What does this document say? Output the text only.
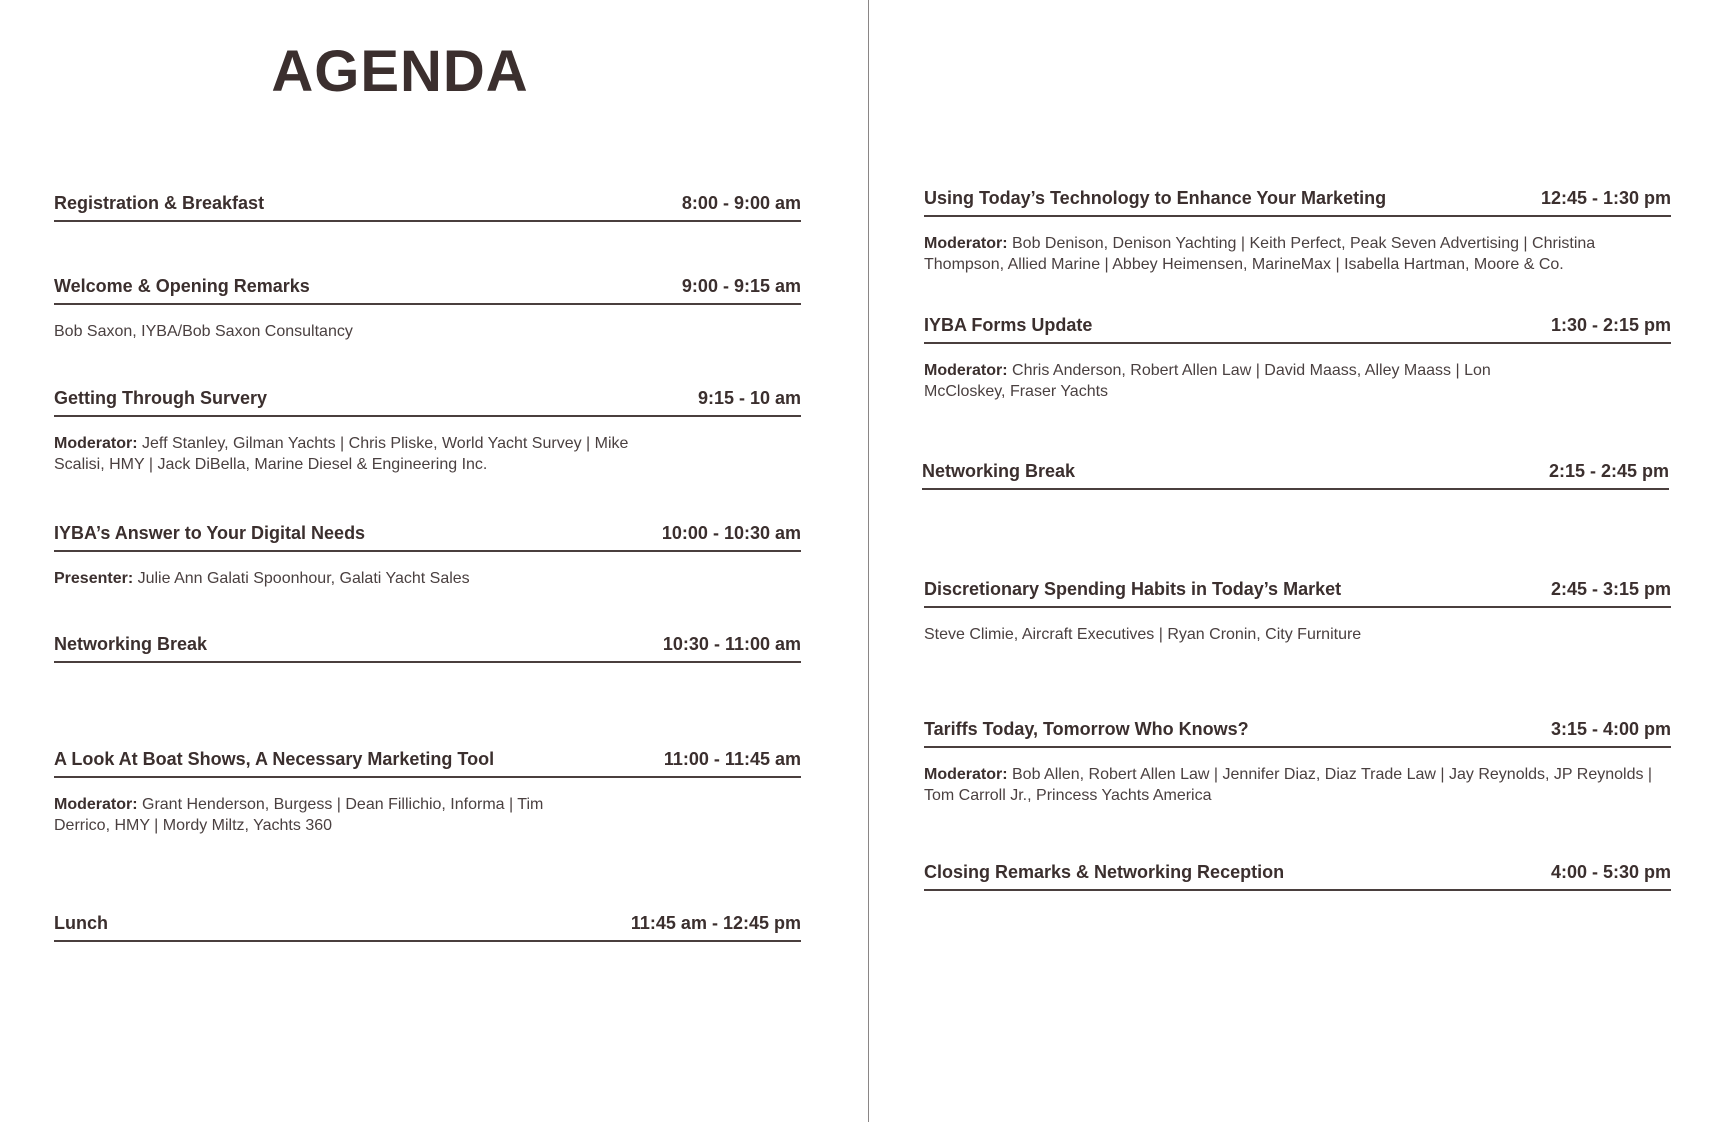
AGENDA
Registration & Breakfast	8:00 - 9:00 am
Welcome & Opening Remarks	9:00 - 9:15 am
Bob Saxon, IYBA/Bob Saxon Consultancy
Getting Through Survery	9:15 - 10 am
Moderator: Jeff Stanley, Gilman Yachts | Chris Pliske, World Yacht Survey | Mike Scalisi, HMY | Jack DiBella, Marine Diesel & Engineering Inc.
IYBA’s Answer to Your Digital Needs	10:00 - 10:30 am
Presenter: Julie Ann Galati Spoonhour, Galati Yacht Sales
Networking Break	10:30 - 11:00 am
A Look At Boat Shows, A Necessary Marketing Tool	11:00 - 11:45 am
Moderator: Grant Henderson, Burgess | Dean Fillichio, Informa | Tim Derrico, HMY | Mordy Miltz, Yachts 360
Lunch	11:45 am - 12:45 pm
Using Today’s Technology to Enhance Your Marketing	12:45 - 1:30 pm
Moderator: Bob Denison, Denison Yachting | Keith Perfect, Peak Seven Advertising | Christina Thompson, Allied Marine | Abbey Heimensen, MarineMax | Isabella Hartman, Moore & Co.
IYBA Forms Update	1:30 - 2:15 pm
Moderator: Chris Anderson, Robert Allen Law | David Maass, Alley Maass | Lon McCloskey, Fraser Yachts
Networking Break	2:15 - 2:45 pm
Discretionary Spending Habits in Today’s Market	2:45 - 3:15 pm
Steve Climie, Aircraft Executives | Ryan Cronin, City Furniture
Tariffs Today, Tomorrow Who Knows?	3:15 - 4:00 pm
Moderator: Bob Allen, Robert Allen Law | Jennifer Diaz, Diaz Trade Law | Jay Reynolds, JP Reynolds | Tom Carroll Jr., Princess Yachts America
Closing Remarks & Networking Reception	4:00 - 5:30 pm
